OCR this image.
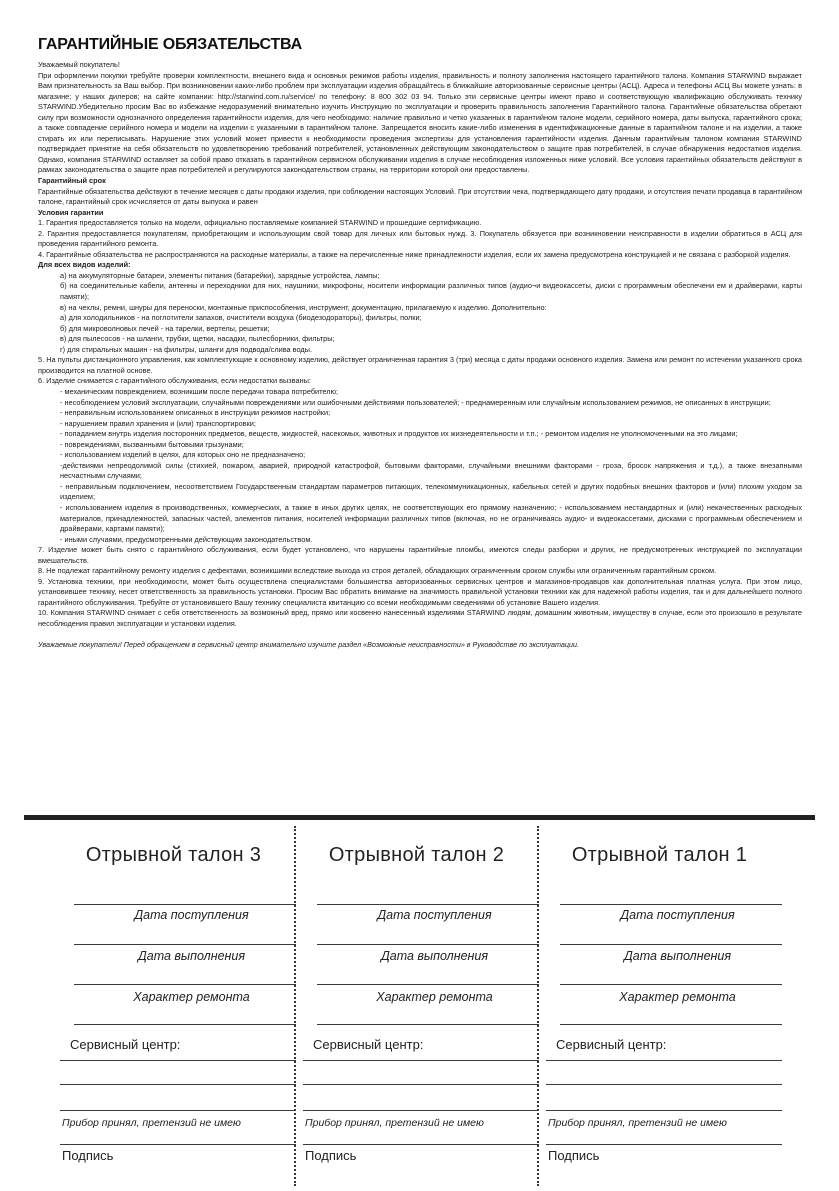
ГАРАНТИЙНЫЕ ОБЯЗАТЕЛЬСТВА

Уважаемый покупатель!

При оформлении покупки требуйте проверки комплектности, внешнего вида и основных режимов работы изделия, правильность и полноту заполнения настоящего гарантийного талона. Компания STARWIND выражает Вам признательность за Ваш выбор. При возникновении каких-либо проблем при эксплуатации изделия обращайтесь в ближайшие авторизованные сервисные центры (АСЦ). Адреса и телефоны АСЦ Вы можете узнать: в магазине; у наших дилеров; на сайте компании: http://starwind.com.ru/service/ по телефону: 8 800 302 03 94. Только эти сервисные центры имеют право и соответствующую квалификацию обслуживать технику STARWIND.Убедительно просим Вас во избежание недоразумений внимательно изучить Инструкцию по эксплуатации и проверить правильность заполнения Гарантийного талона. Гарантийные обязательства обретают силу при возможности однозначного определения гарантийности изделия, для чего необходимо: наличие правильно и четко указанных в гарантийном талоне модели, серийного номера, даты выпуска, гарантийного срока; а также совпадение серийного номера и модели на изделии с указанными в гарантийном талоне. Запрещается вносить какие-либо изменения в идентификационные данные в гарантийном талоне и на изделии, а также стирать их или переписывать. Нарушение этих условий может привести к необходимости проведения экспертизы для установления гарантийности изделия. Данным гарантийным талоном компания STARWIND подтверждает принятие на себя обязательств по удовлетворению требований потребителей, установленных действующим законодательством о защите прав потребителей, в случае обнаружения недостатков изделия. Однако, компания STARWIND оставляет за собой право отказать в гарантийном сервисном обслуживании изделия в случае несоблюдения изложенных ниже условий. Все условия гарантийных обязательств действуют в рамках законодательства о защите прав потребителей и регулируются законодательством страны, на территории которой они предоставлены.

Гарантийный срок

Гарантийные обязательства действуют в течение месяцев с даты продажи изделия, при соблюдении настоящих Условий. При отсутствии чека, подтверждающего дату продажи, и отсутствия печати продавца в гарантийном талоне, гарантийный срок исчисляется от даты выпуска и равен

Условия гарантии

1. Гарантия предоставляется только на модели, официально поставляемые компанией STARWIND и прошедшие сертификацию.

2. Гарантия предоставляется покупателям, приобретающим и использующим свой товар для личных или бытовых нужд. 3. Покупатель обязуется при возникновении неисправности в изделии обратиться в АСЦ для проведения гарантийного ремонта.

4. Гарантийные обязательства не распространяются на расходные материалы, а также на перечисленные ниже принадлежности изделия, если их замена предусмотрена конструкцией и не связана с разборкой изделия.

Для всех видов изделий:

а) на аккумуляторные батареи, элементы питания (батарейки), зарядные устройства, лампы;

б) на соединительные кабели, антенны и переходники для них, наушники, микрофоны, носители информации различных типов (аудио¬и видеокассеты, диски с программным обеспечени ем и драйверами, карты памяти);

в) на чехлы, ремни, шнуры для переноски, монтажные приспособления, инструмент, документацию, прилагаемую к изделию. Дополнительно:

а) для холодильников - на поглотители запахов, очистители воздуха (биодезодораторы), фильтры, полки;

б) для микроволновых печей - на тарелки, вертелы, решетки;

в) для пылесосов - на шланги, трубки, щетки, насадки, пылесборники, фильтры;

г) для стиральных машин - на фильтры, шланги для подвода/слива воды.

5. На пульты дистанционного управления, как комплектующие к основному изделию, действует ограниченная гарантия 3 (три) месяца с даты продажи основного изделия. Замена или ремонт по истечении указанного срока производится на платной основе.

6. Изделие снимается с гарантийного обслуживания, если недостатки вызваны:

- механическим повреждением, возникшим после передачи товара потребителю;

- несоблюдением условий эксплуатации, случайными повреждениями или ошибочными действиями пользователей; - преднамеренным или случайным использованием режимов, не описанных в инструкции;

- неправильным использованием описанных в инструкции режимов настройки;

- нарушением правил хранения и (или) транспортировки;

- попаданием внутрь изделия посторонних предметов, веществ, жидкостей, насекомых, животных и продуктов их жизнедеятельности и т.п.; - ремонтом изделия не уполномоченными на это лицами;

- повреждениями, вызванными бытовыми грызунами;

- использованием изделий в целях, для которых оно не предназначено;

-действиями непреодолимой силы (стихией, пожаром, аварией, природной катастрофой, бытовыми факторами, случайными внешними факторами - гроза, бросок напряжения и т.д.), а также внезапными несчастными случаями;

- неправильным подключением, несоответствием Государственным стандартам параметров питающих, телекоммуникационных, кабельных сетей и других подобных внешних факторов и (или) плохим уходом за изделием;

- использованием изделия в производственных, коммерческих, а также в иных других целях, не соответствующих его прямому назначению; - использованием нестандартных и (или) некачественных расходных материалов, принадлежностей, запасных частей, элементов питания, носителей информации различных типов (включая, но не ограничиваясь аудио- и видеокассетами, дисками с программным обеспечением и драйверами, картами памяти);

- иными случаями, предусмотренными действующим законодательством.

7. Изделие может быть снято с гарантийного обслуживания, если будет установлено, что нарушены гарантийные пломбы, имеются следы разборки и других, не предусмотренных инструкцией по эксплуатации вмешательств.

8. Не подлежат гарантийному ремонту изделия с дефектами, возникшими вследствие выхода из строя деталей, обладающих ограниченным сроком службы или ограниченным гарантийным сроком.

9. Установка техники, при необходимости, может быть осуществлена специалистами большинства авторизованных сервисных центров и магазинов-продавцов как дополнительная платная услуга. При этом лицо, установившее технику, несет ответственность за правильность установки. Просим Вас обратить внимание на значимость правильной установки техники как для надежной работы изделия, так и для дальнейшего полного гарантийного обслуживания. Требуйте от установившего Вашу технику специалиста квитанцию со всеми необходимыми сведениями об установке Вашего изделия.

10. Компания STARWIND снимает с себя ответственность за возможный вред, прямо или косвенно нанесенный изделиями STARWIND людям, домашним животным, имуществу в случае, если это произошло в результате несоблюдения правил эксплуатации и установки изделия.

Уважаемые покупатели! Перед обращением в сервисный центр внимательно изучите раздел «Возможные неисправности» в Руководстве по эксплуатации.
Отрывной талон 3
Дата поступления
Дата выполнения
Характер ремонта
Сервисный центр:
Прибор принял, претензий не имею
Подпись
Отрывной талон 2
Дата поступления
Дата выполнения
Характер ремонта
Сервисный центр:
Прибор принял, претензий не имею
Подпись
Отрывной талон 1
Дата поступления
Дата выполнения
Характер ремонта
Сервисный центр:
Прибор принял, претензий не имею
Подпись
